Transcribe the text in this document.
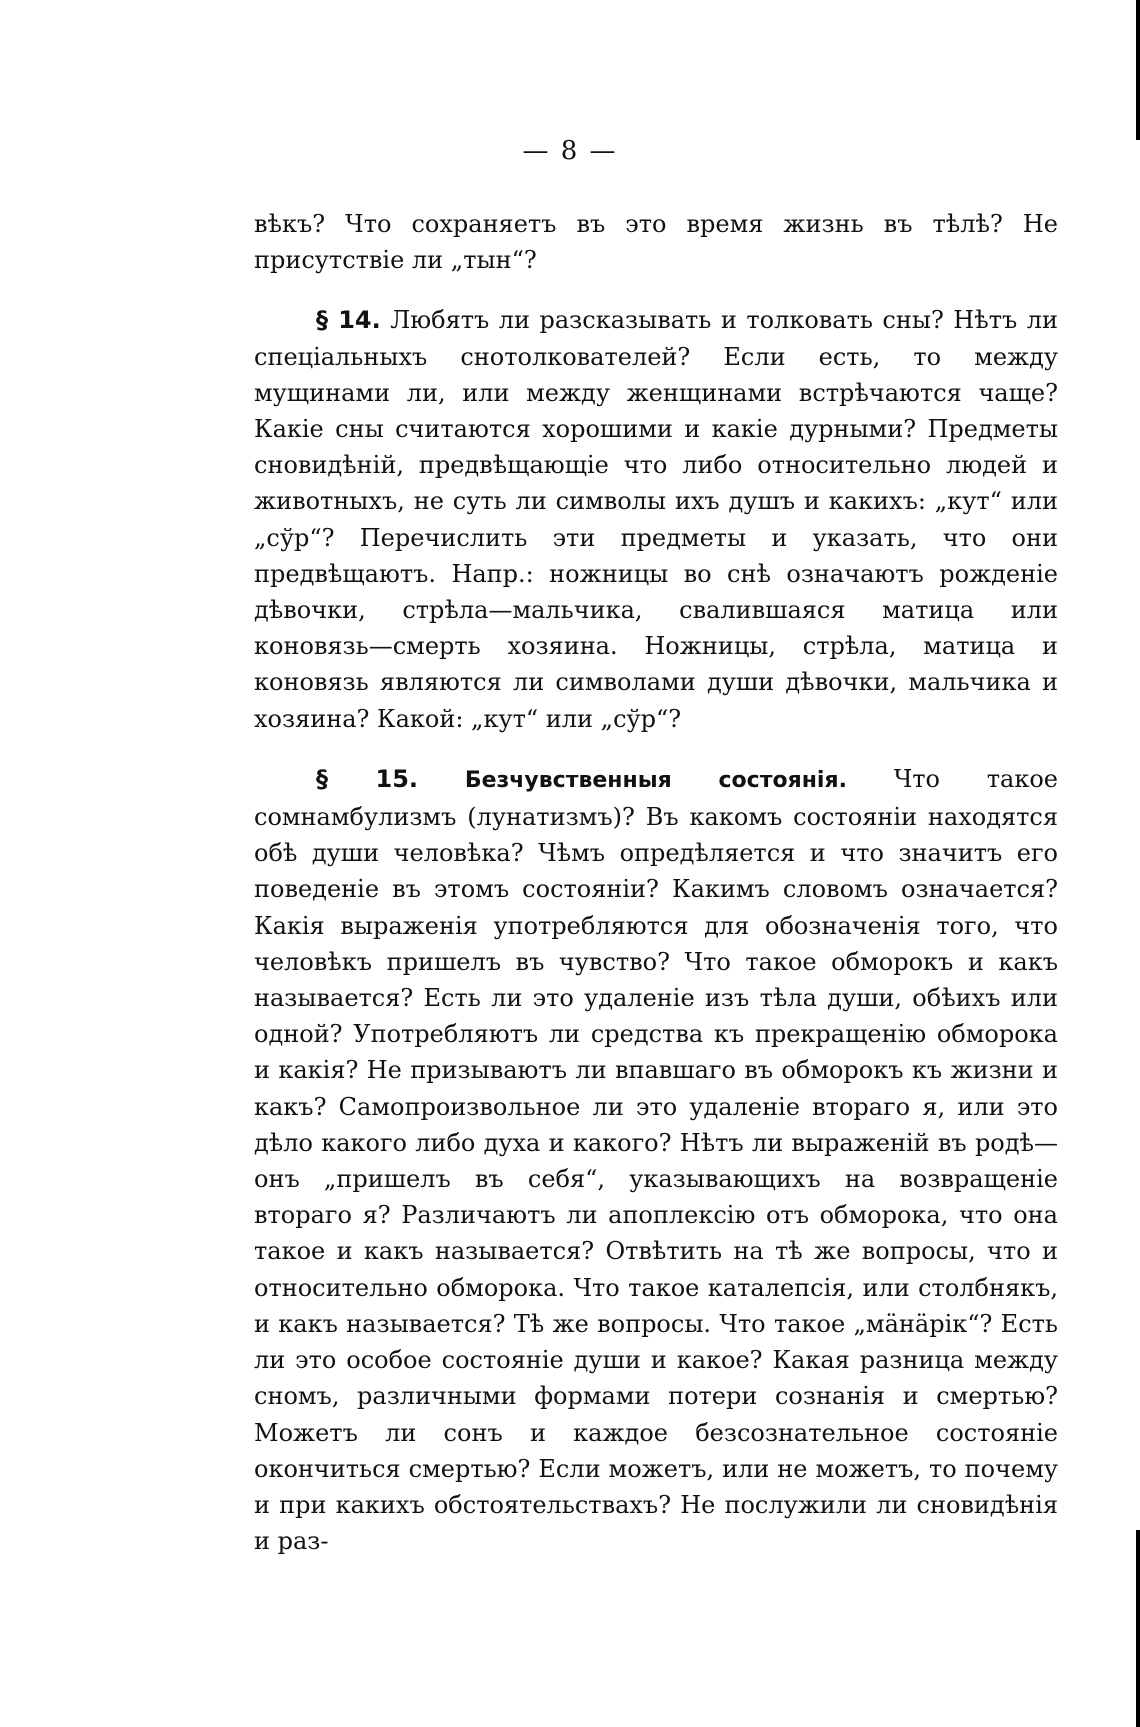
— 8 —

вѣкъ? Что сохраняетъ въ это время жизнь въ тѣлѣ? Не присутствіе ли „тын“?

§ 14. Любятъ ли разсказывать и толковать сны? Нѣтъ ли спеціальныхъ снотолкователей? Если есть, то между мущинами ли, или между женщинами встрѣчаются чаще? Какіе сны считаются хорошими и какіе дурными? Предметы сновидѣній, предвѣщающіе что либо относительно людей и животныхъ, не суть ли символы ихъ душъ и какихъ: „кут“ или „сўр“? Перечислить эти предметы и указать, что они предвѣщаютъ. Напр.: ножницы во снѣ означаютъ рожденіе дѣвочки, стрѣла—мальчика, свалившаяся матица или коновязь—смерть хозяина. Ножницы, стрѣла, матица и коновязь являются ли символами души дѣвочки, мальчика и хозяина? Какой: „кут“ или „сўр“?

§ 15. Безчувственныя состоянія. Что такое сомнамбулизмъ (лунатизмъ)? Въ какомъ состояніи находятся обѣ души человѣка? Чѣмъ опредѣляется и что значитъ его поведеніе въ этомъ состояніи? Какимъ словомъ означается? Какія выраженія употребляются для обозначенія того, что человѣкъ пришелъ въ чувство? Что такое обморокъ и какъ называется? Есть ли это удаленіе изъ тѣла души, обѣихъ или одной? Употребляютъ ли средства къ прекращенію обморока и какія? Не призываютъ ли впавшаго въ обморокъ къ жизни и какъ? Самопроизвольное ли это удаленіе втораго я, или это дѣло какого либо духа и какого? Нѣтъ ли выраженій въ родѣ—онъ „пришелъ въ себя“, указывающихъ на возвращеніе втораго я? Различаютъ ли апоплексію отъ обморока, что она такое и какъ называется? Отвѣтить на тѣ же вопросы, что и относительно обморока. Что такое каталепсія, или столбнякъ, и какъ называется? Тѣ же вопросы. Что такое „мäнäрік“? Есть ли это особое состояніе души и какое? Какая разница между сномъ, различными формами потери сознанія и смертью? Можетъ ли сонъ и каждое безсознательное состояніе окончиться смертью? Если можетъ, или не можетъ, то почему и при какихъ обстоятельствахъ? Не послужили ли сновидѣнія и раз-
